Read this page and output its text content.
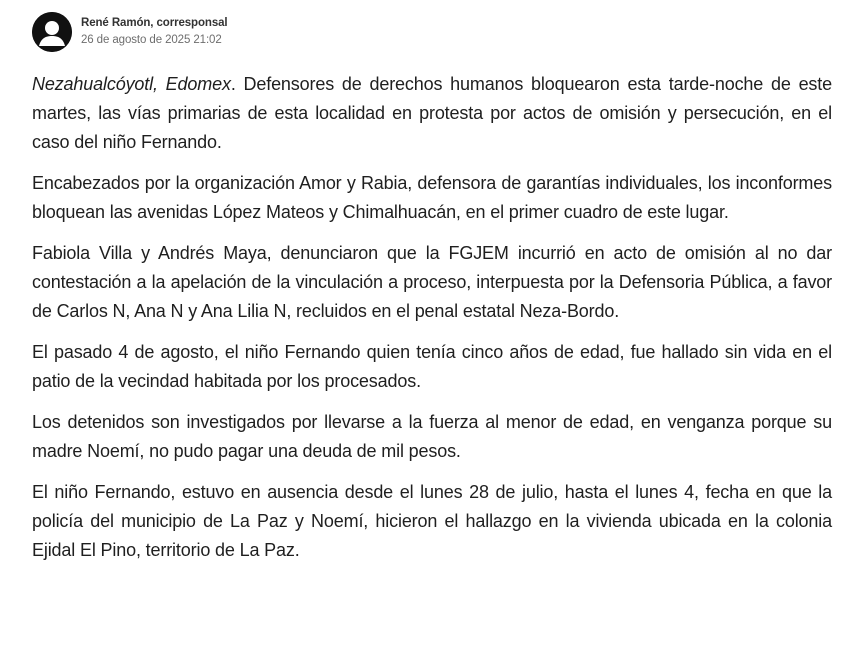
René Ramón, corresponsal
26 de agosto de 2025 21:02

Nezahualcóyotl, Edomex. Defensores de derechos humanos bloquearon esta tarde-noche de este martes, las vías primarias de esta localidad en protesta por actos de omisión y persecución, en el caso del niño Fernando.

Encabezados por la organización Amor y Rabia, defensora de garantías individuales, los inconformes bloquean las avenidas López Mateos y Chimalhuacán, en el primer cuadro de este lugar.

Fabiola Villa y Andrés Maya, denunciaron que la FGJEM incurrió en acto de omisión al no dar contestación a la apelación de la vinculación a proceso, interpuesta por la Defensoria Pública, a favor de Carlos N, Ana N y Ana Lilia N, recluidos en el penal estatal Neza-Bordo.

El pasado 4 de agosto, el niño Fernando quien tenía cinco años de edad, fue hallado sin vida en el patio de la vecindad habitada por los procesados.

Los detenidos son investigados por llevarse a la fuerza al menor de edad, en venganza porque su madre Noemí, no pudo pagar una deuda de mil pesos.

El niño Fernando, estuvo en ausencia desde el lunes 28 de julio, hasta el lunes 4, fecha en que la policía del municipio de La Paz y Noemí, hicieron el hallazgo en la vivienda ubicada en la colonia Ejidal El Pino, territorio de La Paz.
